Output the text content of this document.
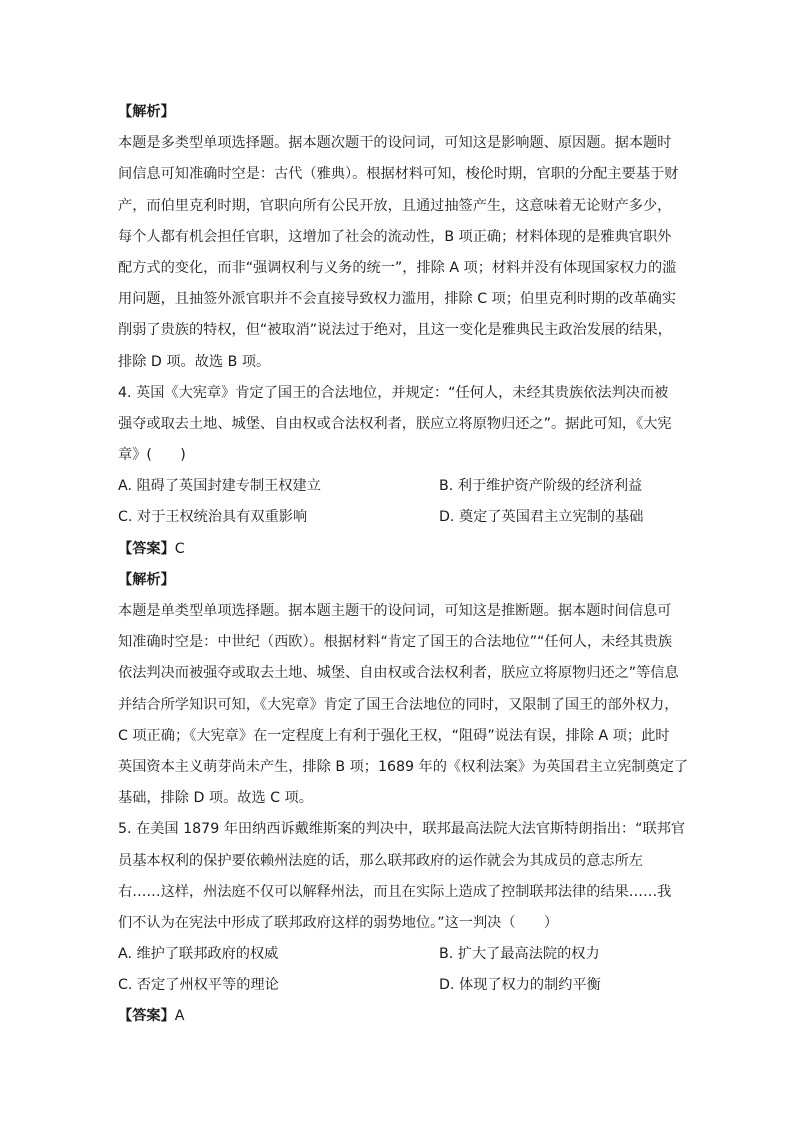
【解析】
本题是多类型单项选择题。据本题次题干的设问词，可知这是影响题、原因题。据本题时
间信息可知准确时空是：古代（雅典）。根据材料可知，梭伦时期，官职的分配主要基于财
产，而伯里克利时期，官职向所有公民开放，且通过抽签产生，这意味着无论财产多少，
每个人都有机会担任官职，这增加了社会的流动性，B 项正确；材料体现的是雅典官职外
配方式的变化，而非“强调权利与义务的统一”，排除 A 项；材料并没有体现国家权力的滥
用问题，且抽签外派官职并不会直接导致权力滥用，排除 C 项；伯里克利时期的改革确实
削弱了贵族的特权，但“被取消”说法过于绝对，且这一变化是雅典民主政治发展的结果，
排除 D 项。故选 B 项。
4. 英国《大宪章》肯定了国王的合法地位，并规定：“任何人，未经其贵族依法判决而被
强夺或取去土地、城堡、自由权或合法权利者，朕应立将原物归还之”。据此可知，《大宪
章》(　　)
A. 阻碍了英国封建专制王权建立	B. 利于维护资产阶级的经济利益
C. 对于王权统治具有双重影响	D. 奠定了英国君主立宪制的基础
【答案】C
【解析】
本题是单类型单项选择题。据本题主题干的设问词，可知这是推断题。据本题时间信息可
知准确时空是：中世纪（西欧）。根据材料“肯定了国王的合法地位”“任何人，未经其贵族
依法判决而被强夺或取去土地、城堡、自由权或合法权利者，朕应立将原物归还之”等信息
并结合所学知识可知，《大宪章》肯定了国王合法地位的同时，又限制了国王的部外权力，
C 项正确；《大宪章》在一定程度上有利于强化王权，“阻碍”说法有误，排除 A 项；此时
英国资本主义萌芽尚未产生，排除 B 项；1689 年的《权利法案》为英国君主立宪制奠定了
基础，排除 D 项。故选 C 项。
5. 在美国 1879 年田纳西诉戴维斯案的判决中，联邦最高法院大法官斯特朗指出：“联邦官
员基本权利的保护要依赖州法庭的话，那么联邦政府的运作就会为其成员的意志所左
右……这样，州法庭不仅可以解释州法，而且在实际上造成了控制联邦法律的结果……我
们不认为在宪法中形成了联邦政府这样的弱势地位。”这一判决（　　）
A. 维护了联邦政府的权威	B. 扩大了最高法院的权力
C. 否定了州权平等的理论	D. 体现了权力的制约平衡
【答案】A
